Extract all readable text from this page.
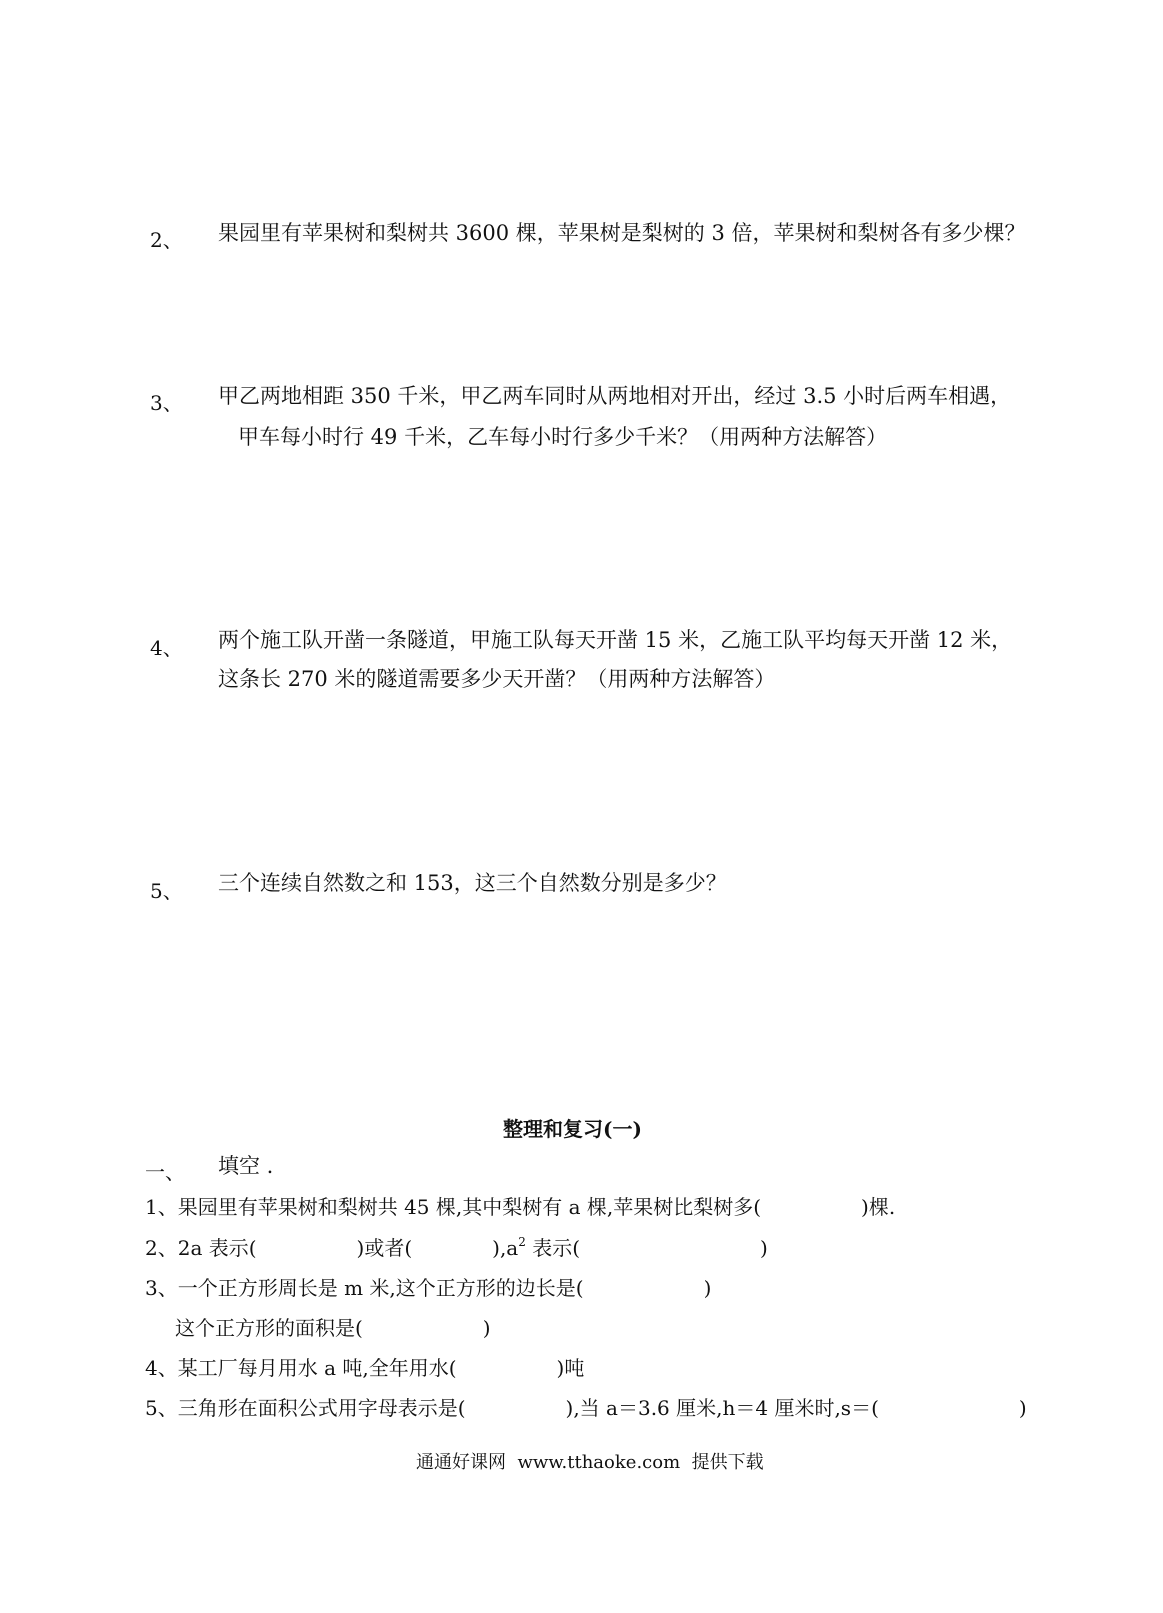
2、 果园里有苹果树和梨树共 3600 棵，苹果树是梨树的 3 倍，苹果树和梨树各有多少棵？
3、 甲乙两地相距 350 千米，甲乙两车同时从两地相对开出，经过 3.5 小时后两车相遇，
甲车每小时行 49 千米，乙车每小时行多少千米？（用两种方法解答）
4、 两个施工队开凿一条隧道，甲施工队每天开凿 15 米，乙施工队平均每天开凿 12 米，
这条长 270 米的隧道需要多少天开凿？（用两种方法解答）
5、 三个连续自然数之和 153，这三个自然数分别是多少？
整理和复习(一)
一、 填空 .
1、果园里有苹果树和梨树共 45 棵,其中梨树有 a 棵,苹果树比梨树多(　　　　　)棵.
2、2a 表示(　　　　　)或者(　　　　)$,a^2$ 表示(　　　　　　　　　)
3、一个正方形周长是 m 米,这个正方形的边长是(　　　　　　)
这个正方形的面积是(　　　　　　)
4、某工厂每月用水 a 吨,全年用水(　　　　　)吨
5、三角形在面积公式用字母表示是(　　　　　),当 a＝3.6 厘米,h＝4 厘米时,s＝(　　　　　　　)
通通好课网  www.tthaoke.com  提供下载
